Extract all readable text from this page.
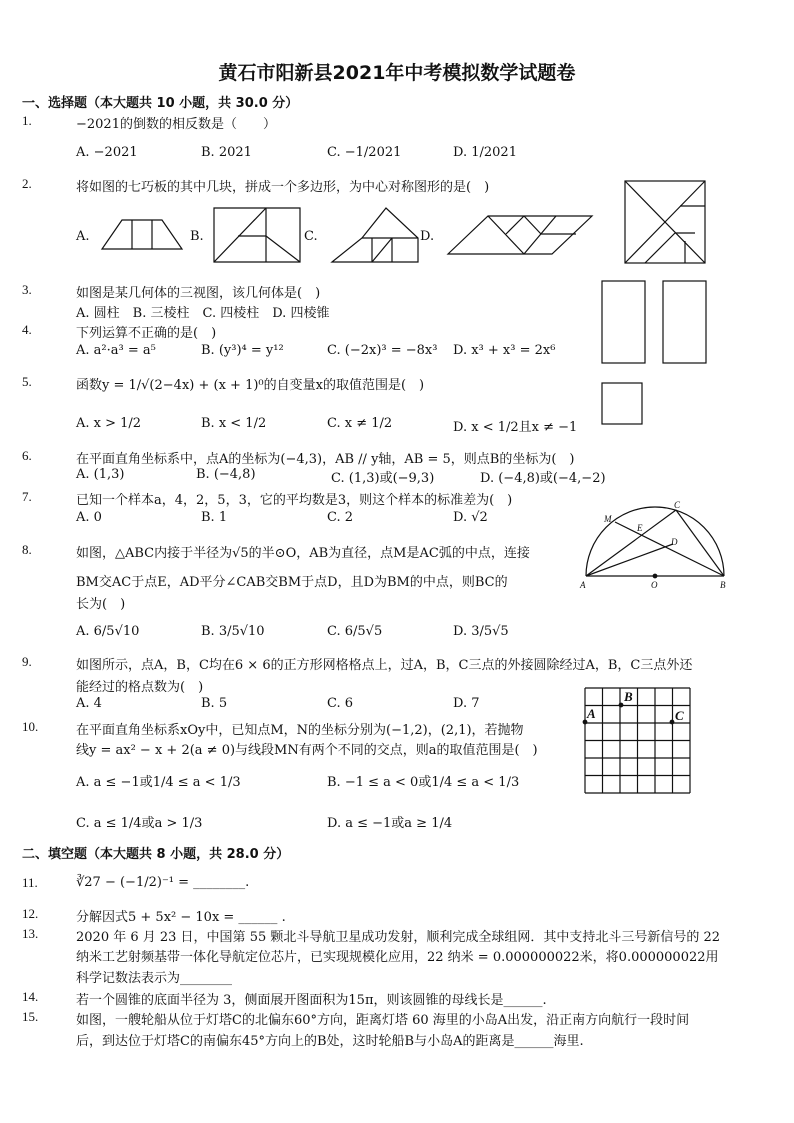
黄石市阳新县2021年中考模拟数学试题卷
一、选择题（本大题共 10 小题，共 30.0 分）
1.	−2021的倒数的相反数是（　　）
A. −2021	B. 2021	C. −1/2021	D. 1/2021
2.	将如图的七巧板的其中几块，拼成一个多边形，为中心对称图形的是(　)
A.	B.	C.	D.
3.	如图是某几何体的三视图，该几何体是(　)
A. 圆柱　B. 三棱柱　C. 四棱柱　D. 四棱锥
4.	下列运算不正确的是(　)
A. a²·a³ = a⁵	B. (y³)⁴ = y¹²	C. (−2x)³ = −8x³ D. x³ + x³ = 2x⁶
5.	函数y = 1/√(2−4x) + (x + 1)⁰的自变量x的取值范围是(　)
A. x > 1/2	B. x < 1/2	C. x ≠ 1/2	D. x < 1/2且x ≠ −1
6.	在平面直角坐标系中，点A的坐标为(−4,3)，AB // y轴，AB = 5，则点B的坐标为(　)
A. (1,3)	B. (−4,8)	C. (1,3)或(−9,3)	D. (−4,8)或(−4,−2)
7.	已知一个样本a，4，2，5，3，它的平均数是3，则这个样本的标准差为(　)
A. 0	B. 1	C. 2	D. √2
8.	如图，△ABC内接于半径为√5的半⊙O，AB为直径，点M是AC弧的中点，连接
BM交AC于点E，AD平分∠CAB交BM于点D，且D为BM的中点，则BC的
长为(　)
A. 6/5√10	B. 3/5√10	C. 6/5√5	D. 3/5√5
M
C
E
D
A	O	B
9.	如图所示，点A，B，C均在6 × 6的正方形网格格点上，过A，B，C三点的外接圆除经过A，B，C三点外还
能经过的格点数为(　)
A. 4	B. 5	C. 6	D. 7	B
A	C
10.	在平面直角坐标系xOy中，已知点M，N的坐标分别为(−1,2)，(2,1)，若抛物
线y = ax² − x + 2(a ≠ 0)与线段MN有两个不同的交点，则a的取值范围是(　)
A. a ≤ −1或1/4 ≤ a < 1/3	B. −1 ≤ a < 0或1/4 ≤ a < 1/3
C. a ≤ 1/4或a > 1/3	D. a ≤ −1或a ≥ 1/4
二、填空题（本大题共 8 小题，共 28.0 分）
11.	∛27 − (−1/2)⁻¹ = ________.
12.	分解因式5 + 5x² − 10x = ______ .
13.	2020 年 6 月 23 日，中国第 55 颗北斗导航卫星成功发射，顺利完成全球组网．其中支持北斗三号新信号的 22
纳米工艺射频基带一体化导航定位芯片，已实现规模化应用，22 纳米 = 0.000000022米，将0.000000022用
科学记数法表示为________
14.	若一个圆锥的底面半径为 3，侧面展开图面积为15π，则该圆锥的母线长是______.
15.	如图，一艘轮船从位于灯塔C的北偏东60°方向，距离灯塔 60 海里的小岛A出发，沿正南方向航行一段时间
后，到达位于灯塔C的南偏东45°方向上的B处，这时轮船B与小岛A的距离是______海里.
